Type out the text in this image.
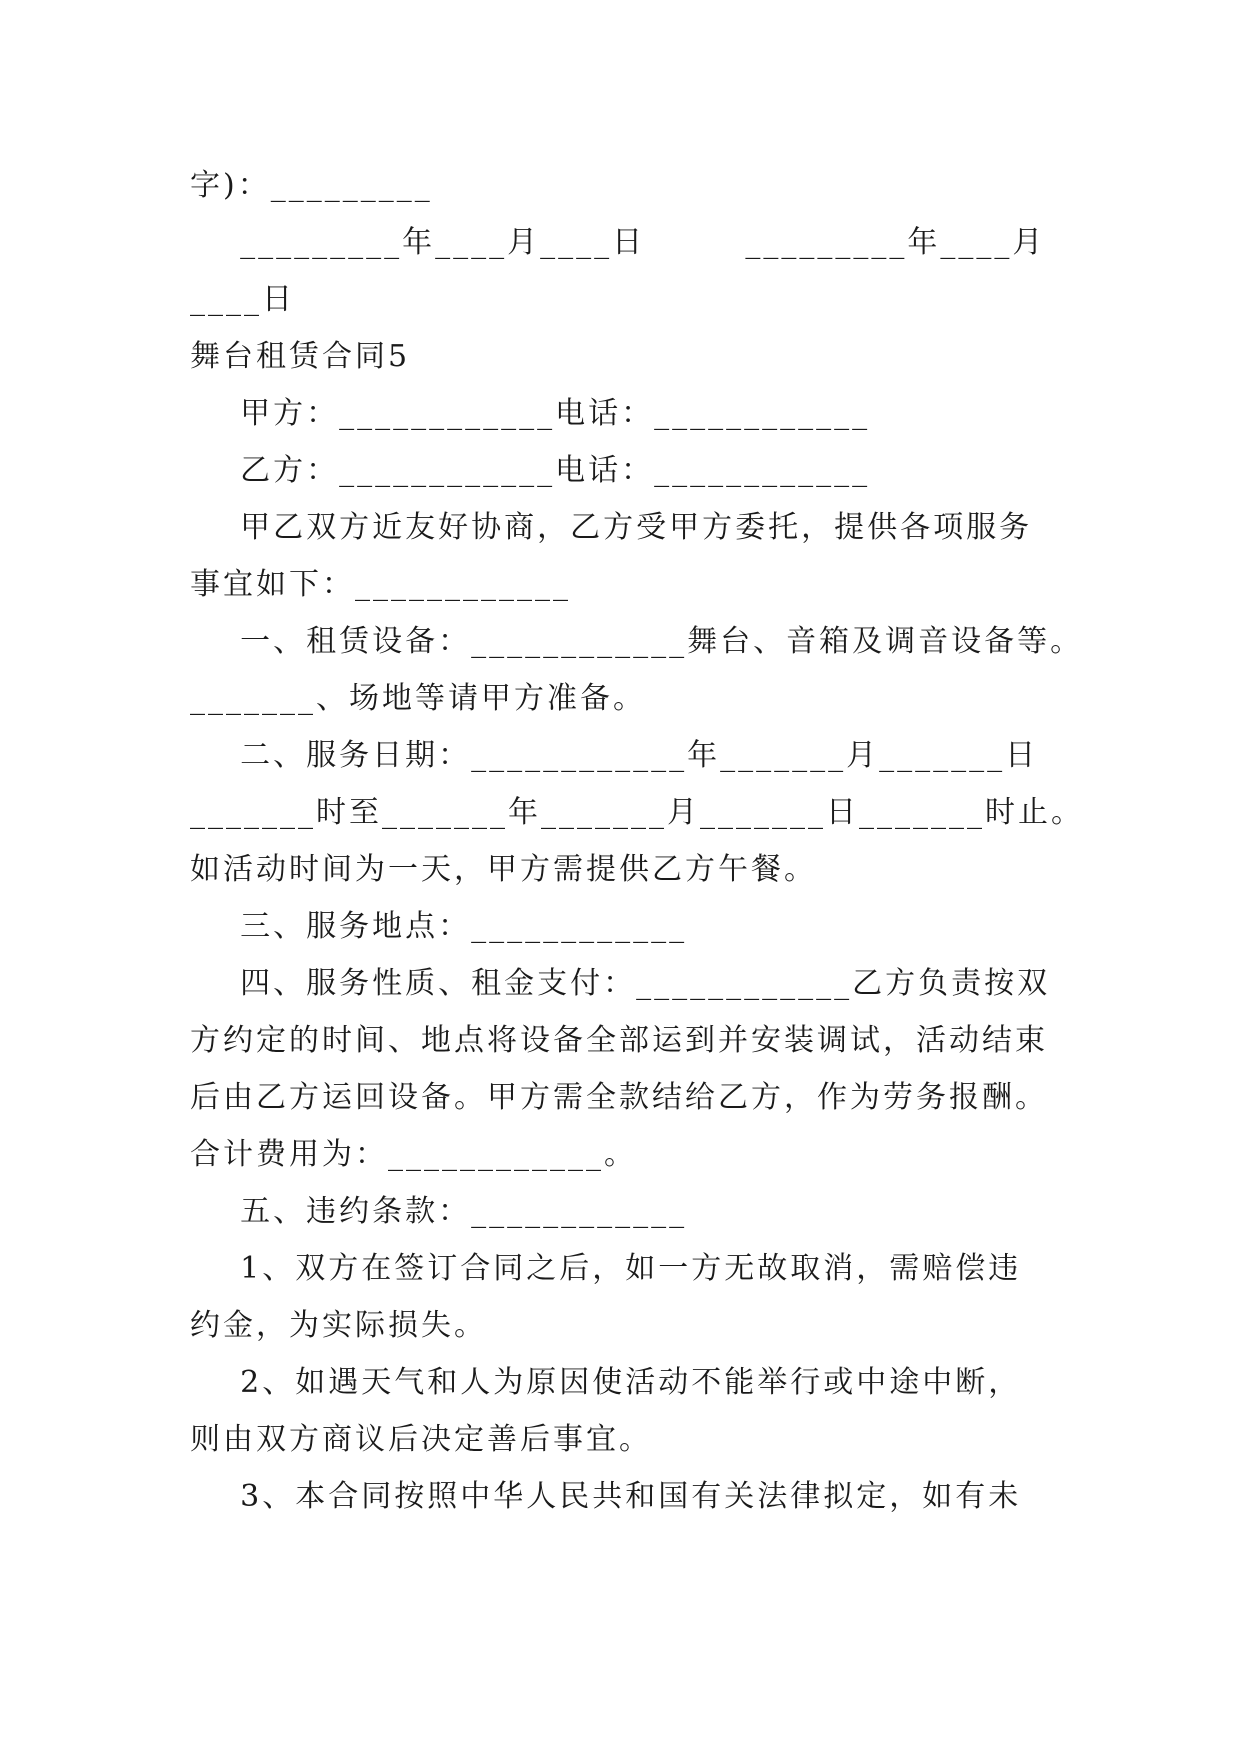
字)：_________
_________年____月____日        _________年____月
____日
舞台租赁合同5
甲方：____________电话：____________
乙方：____________电话：____________
甲乙双方近友好协商，乙方受甲方委托，提供各项服务
事宜如下：____________
一、租赁设备：____________舞台、音箱及调音设备等。
_______、场地等请甲方准备。
二、服务日期：____________年_______月_______日
_______时至_______年_______月_______日_______时止。
如活动时间为一天，甲方需提供乙方午餐。
三、服务地点：____________
四、服务性质、租金支付：____________乙方负责按双
方约定的时间、地点将设备全部运到并安装调试，活动结束
后由乙方运回设备。甲方需全款结给乙方，作为劳务报酬。
合计费用为：____________。
五、违约条款：____________
1、双方在签订合同之后，如一方无故取消，需赔偿违
约金，为实际损失。
2、如遇天气和人为原因使活动不能举行或中途中断，
则由双方商议后决定善后事宜。
3、本合同按照中华人民共和国有关法律拟定，如有未
